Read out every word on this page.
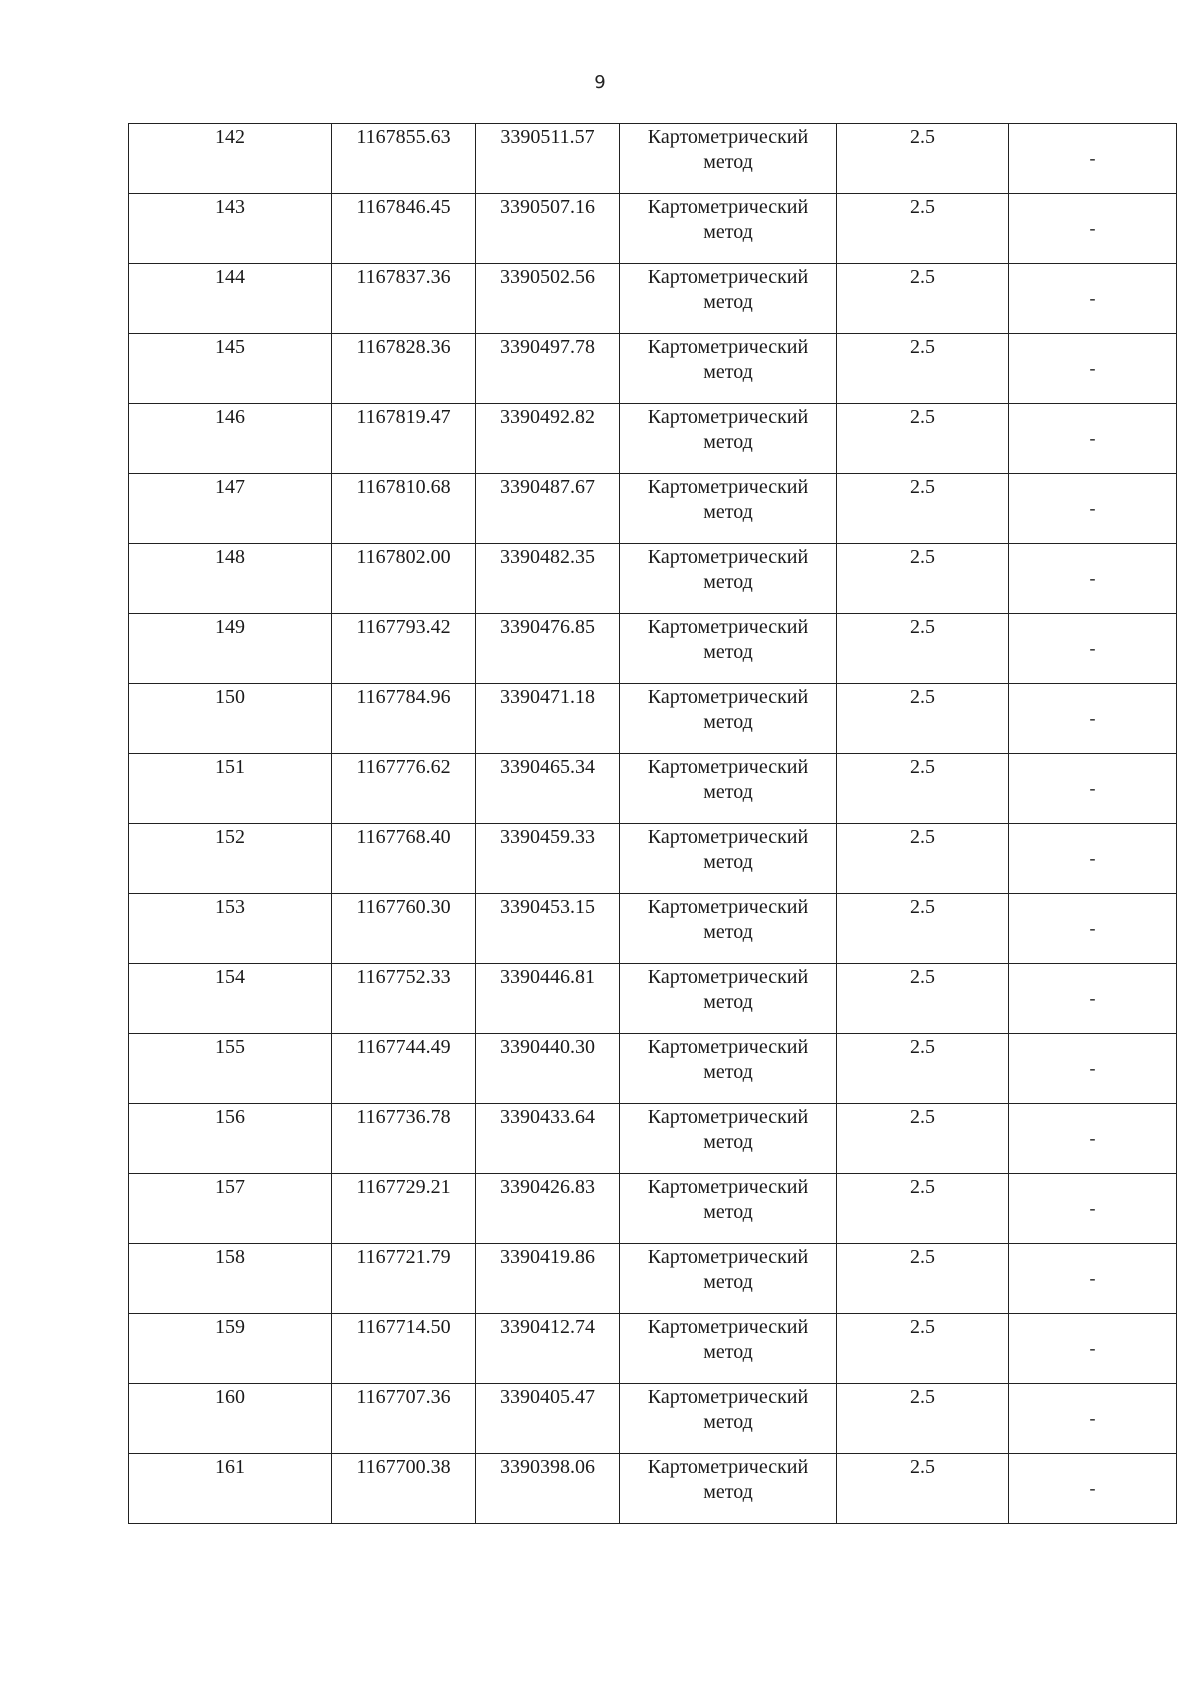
9
142	1167855.63	3390511.57	Картометрический
метод	2.5	-

143	1167846.45	3390507.16	Картометрический
метод	2.5	-

144	1167837.36	3390502.56	Картометрический
метод	2.5	-

145	1167828.36	3390497.78	Картометрический
метод	2.5	-

146	1167819.47	3390492.82	Картометрический
метод	2.5	-

147	1167810.68	3390487.67	Картометрический
метод	2.5	-

148	1167802.00	3390482.35	Картометрический
метод	2.5	-

149	1167793.42	3390476.85	Картометрический
метод	2.5	-

150	1167784.96	3390471.18	Картометрический
метод	2.5	-

151	1167776.62	3390465.34	Картометрический
метод	2.5	-

152	1167768.40	3390459.33	Картометрический
метод	2.5	-

153	1167760.30	3390453.15	Картометрический
метод	2.5	-

154	1167752.33	3390446.81	Картометрический
метод	2.5	-

155	1167744.49	3390440.30	Картометрический
метод	2.5	-

156	1167736.78	3390433.64	Картометрический
метод	2.5	-

157	1167729.21	3390426.83	Картометрический
метод	2.5	-

158	1167721.79	3390419.86	Картометрический
метод	2.5	-

159	1167714.50	3390412.74	Картометрический
метод	2.5	-

160	1167707.36	3390405.47	Картометрический
метод	2.5	-

161	1167700.38	3390398.06	Картометрический
метод	2.5	-
